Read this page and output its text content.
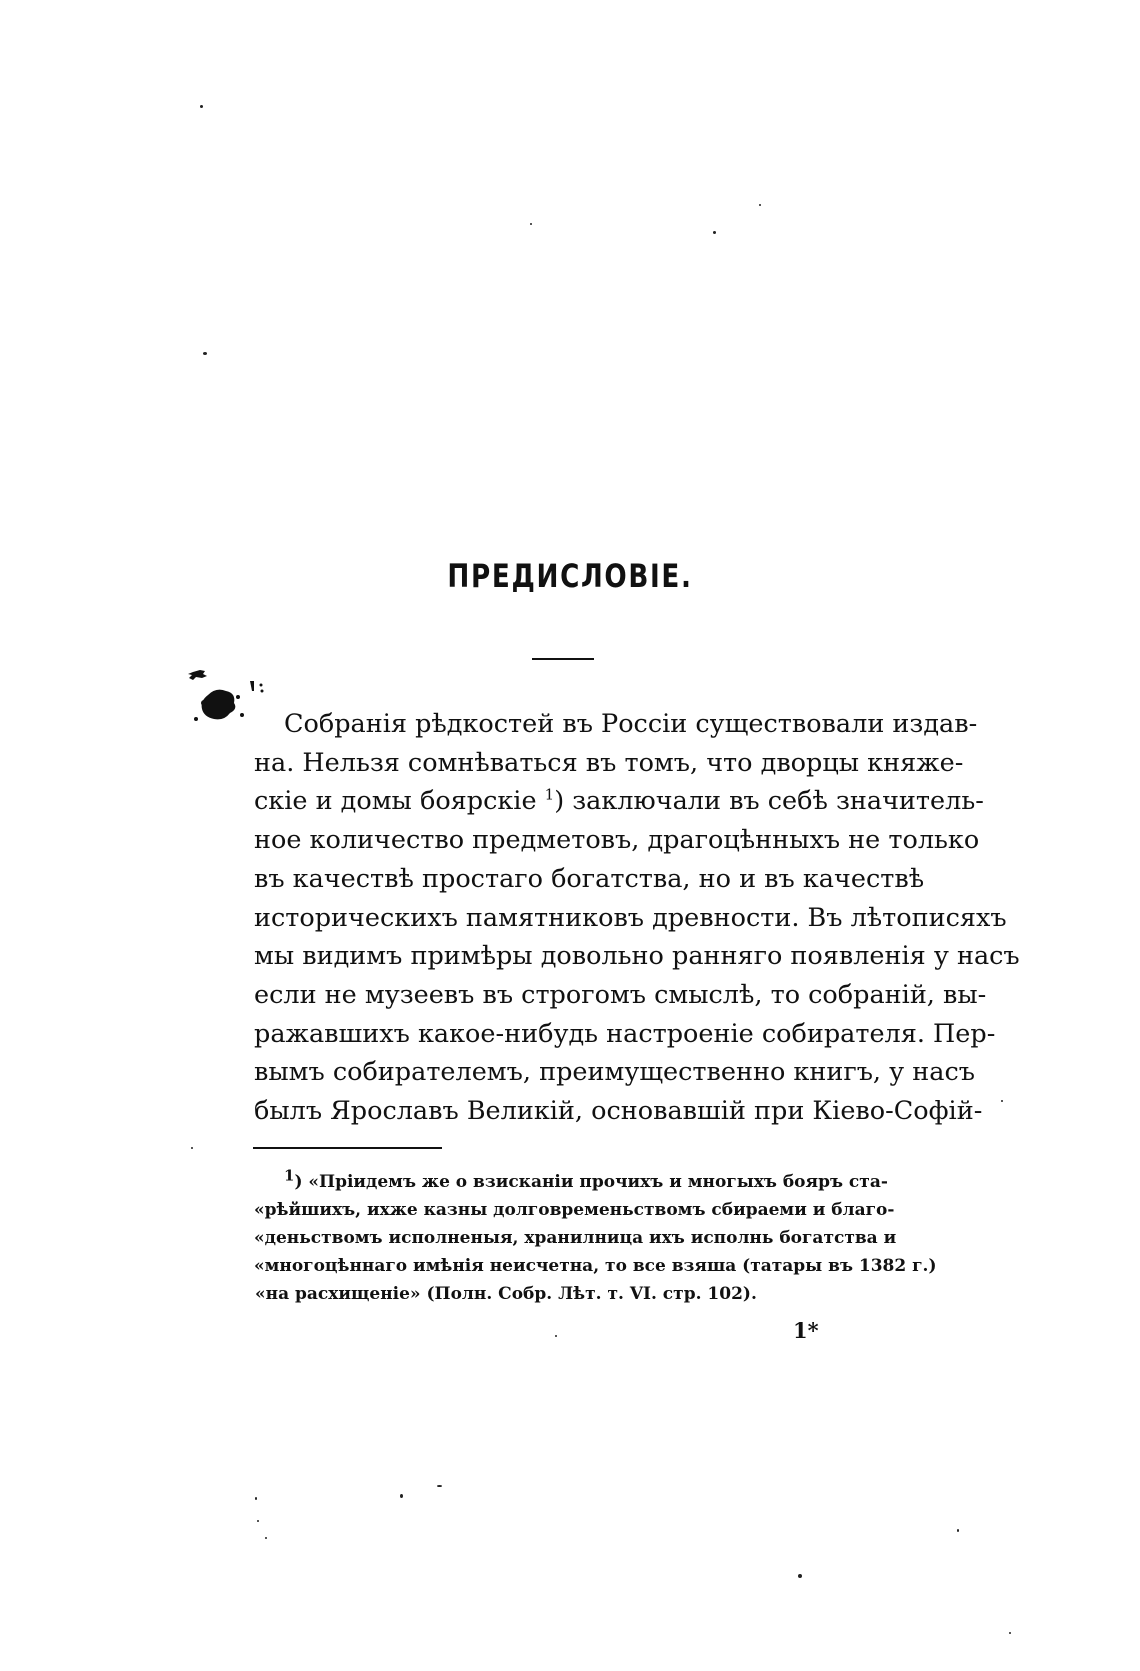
ПРЕДИСЛОВІЕ.
Собранія рѣдкостей въ Россіи существовали издав-
на. Нельзя сомнѣваться въ томъ, что дворцы княже-
скіе и домы боярскіе $^1$) заключали въ себѣ значитель-
ное количество предметовъ, драгоцѣнныхъ не только
въ качествѣ простаго богатства, но и въ качествѣ
историческихъ памятниковъ древности. Въ лѣтописяхъ
мы видимъ примѣры довольно ранняго появленія у насъ
если не музеевъ въ строгомъ смыслѣ, то собраній, вы-
ражавшихъ какое-нибудь настроеніе собирателя. Пер-
вымъ собирателемъ, преимущественно книгъ, у насъ
былъ Ярославъ Великій, основавшій при Кіево-Софій-
1) «Пріидемъ же о взисканіи прочихъ и многыхъ бояръ ста-
«рѣйшихъ, ихже казны долговременьствомъ сбираеми и благо-
«деньствомъ исполненыя, хранилница ихъ исполнь богатства и
«многоцѣннаго имѣнія неисчетна, то все взяша (татары въ 1382 г.)
«на расхищеніе» (Полн. Собр. Лѣт. т. VI. стр. 102).
1*
